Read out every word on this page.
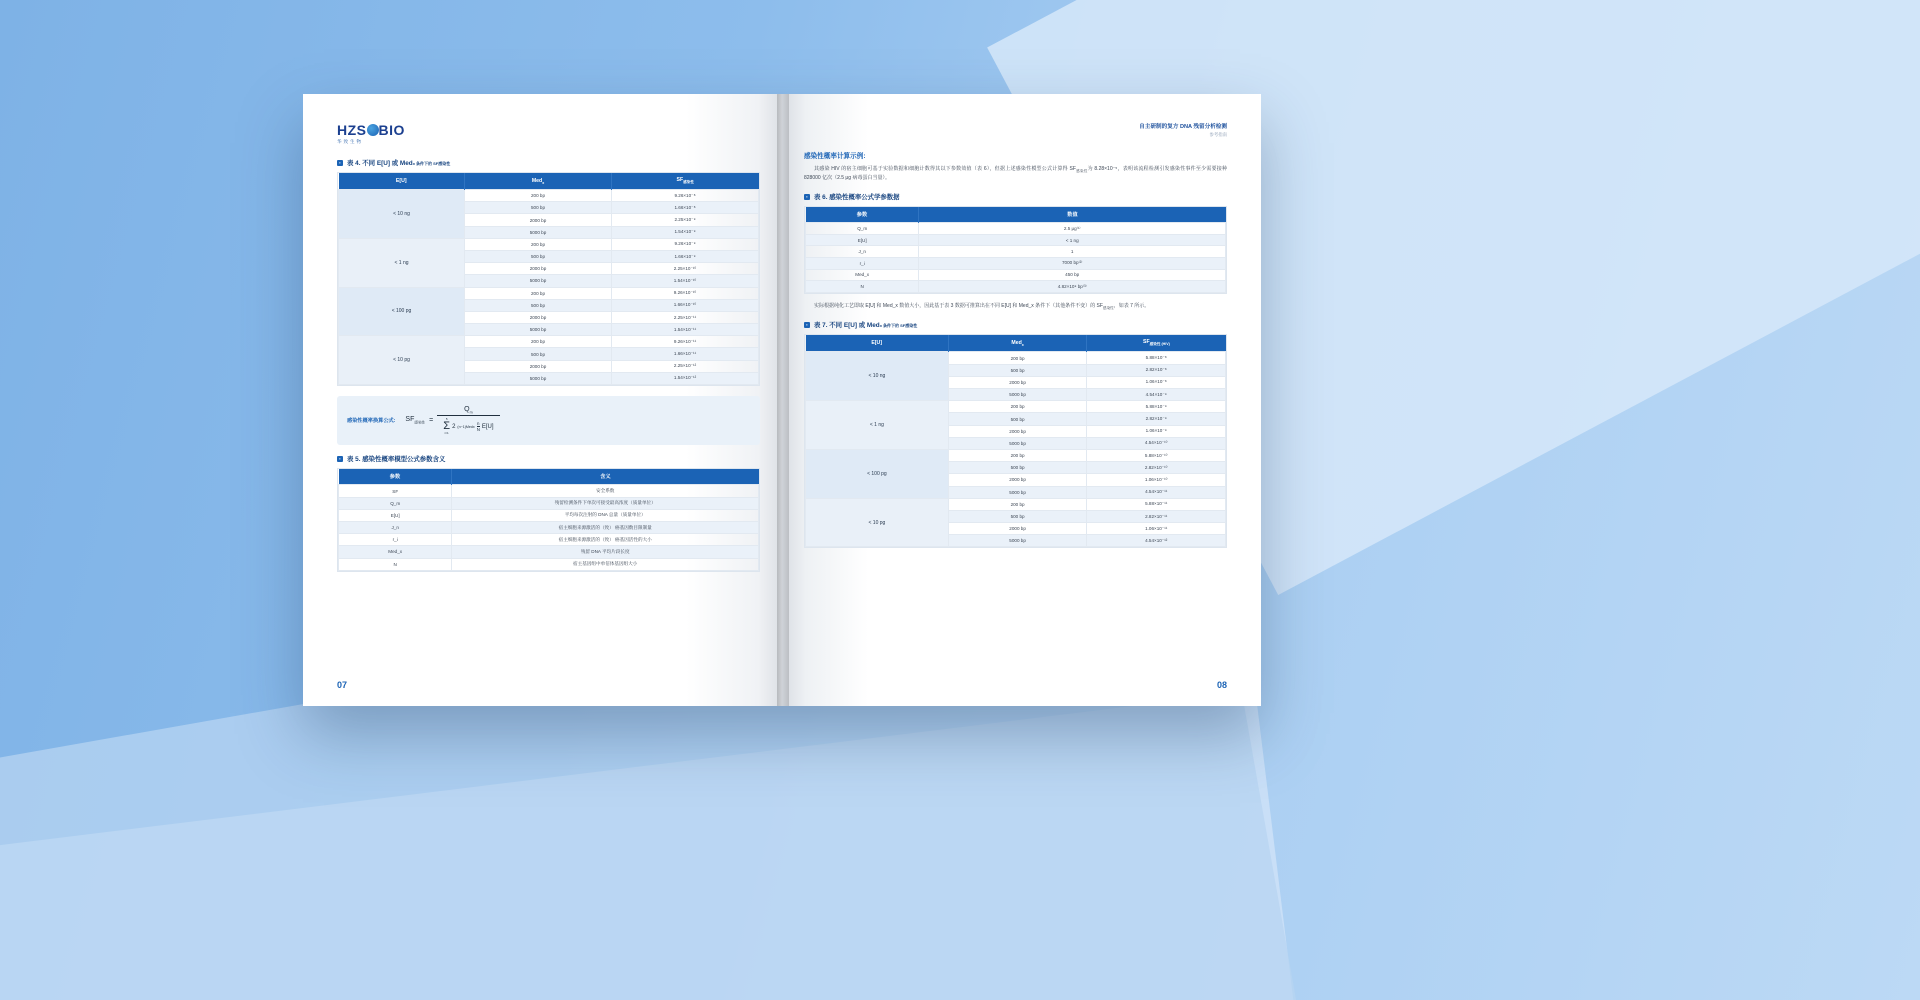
HZS BIO
华致生物
▪ 表 4. 不同 E[U] 或 Medx 条件下的 SF感染性
E[U]	Med$_x$	$SF_{感染性}$
< 10 ng	200 bp	9.26×10⁻⁸
	500 bp	1.66×10⁻⁸
	2000 bp	2.25×10⁻⁹
	5000 bp	1.54×10⁻⁹
< 1 ng	200 bp	9.26×10⁻⁹
	500 bp	1.66×10⁻⁹
	2000 bp	2.25×10⁻¹⁰
	5000 bp	1.54×10⁻¹⁰
< 100 pg	200 bp	9.26×10⁻¹⁰
	500 bp	1.66×10⁻¹⁰
	2000 bp	2.25×10⁻¹¹
	5000 bp	1.54×10⁻¹¹
< 10 pg	200 bp	9.26×10⁻¹¹
	500 bp	1.66×10⁻¹¹
	2000 bp	2.25×10⁻¹²
	5000 bp	1.54×10⁻¹²
感染性概率换算公式: $SF_{感染性}$ =
$Q_m$
5
Σ
i=1
2 (n−1)Medx
n
N E[U]
▪ 表 5. 感染性概率模型公式参数含义
参数	含义
SF	安全系数
Q_m	残留检测条件下单次可接受最高浓度（质量单位）
E[U]	平均每次注射的 DNA 总量（质量单位）
J_n	宿主细胞来源激活的（致） 癌基因数目限制量
r_i	宿主细胞来源激活的（致） 癌基因活性的大小
Med_x	残留 DNA 平均片段长度
N	宿主基因组中单倍体基因组大小
07
自主研制的复方 DNA 残留分析检测
参考指南
感染性概率计算示例:

其感染 HIV 的宿主细胞可基于实验数据和细胞计数得其以下参数效值（表 6），但据上述感染性模型公式计算得 $SF_{感染性}$为 8.28×10⁻⁵，表明该流程检测引发感染性事件至少需要接种 828000 亿次（2.5 μg 病毒蛋白当量）。

▪ 表 6. 感染性概率公式学参数据
参数	数值
Q_m	2.5 μg⁽¹⁾
E[U]	< 1 ng
J_n	1
r_i	7000 bp⁽²⁾
Med_x	450 bp
N	4.82×10⁹ bp⁽³⁾

实际根据纯化工艺即取 E[U] 和 Med_x 数值大小，因此基于表 3 数据可推算出在不同 E[U] 和 Med_x 条件下（其他条件不变）的 $SF_{感染性}$，如表 7 所示。

▪ 表 7. 不同 E[U] 或 Medx 条件下的 SF感染性
E[U]	Med$_x$	$SF_{感染性 (HIV)}$
< 10 ng	200 bp	5.88×10⁻⁸
	500 bp	2.82×10⁻⁸
	2000 bp	1.06×10⁻⁸
	5000 bp	4.54×10⁻⁹
< 1 ng	200 bp	5.88×10⁻⁹
	500 bp	2.82×10⁻⁹
	2000 bp	1.06×10⁻⁹
	5000 bp	4.54×10⁻¹⁰
< 100 pg	200 bp	5.88×10⁻¹⁰
	500 bp	2.82×10⁻¹⁰
	2000 bp	1.06×10⁻¹⁰
	5000 bp	4.54×10⁻¹¹
< 10 pg	200 bp	5.88×10⁻¹¹
	500 bp	2.82×10⁻¹¹
	2000 bp	1.06×10⁻¹¹
	5000 bp	4.54×10⁻¹²
08
